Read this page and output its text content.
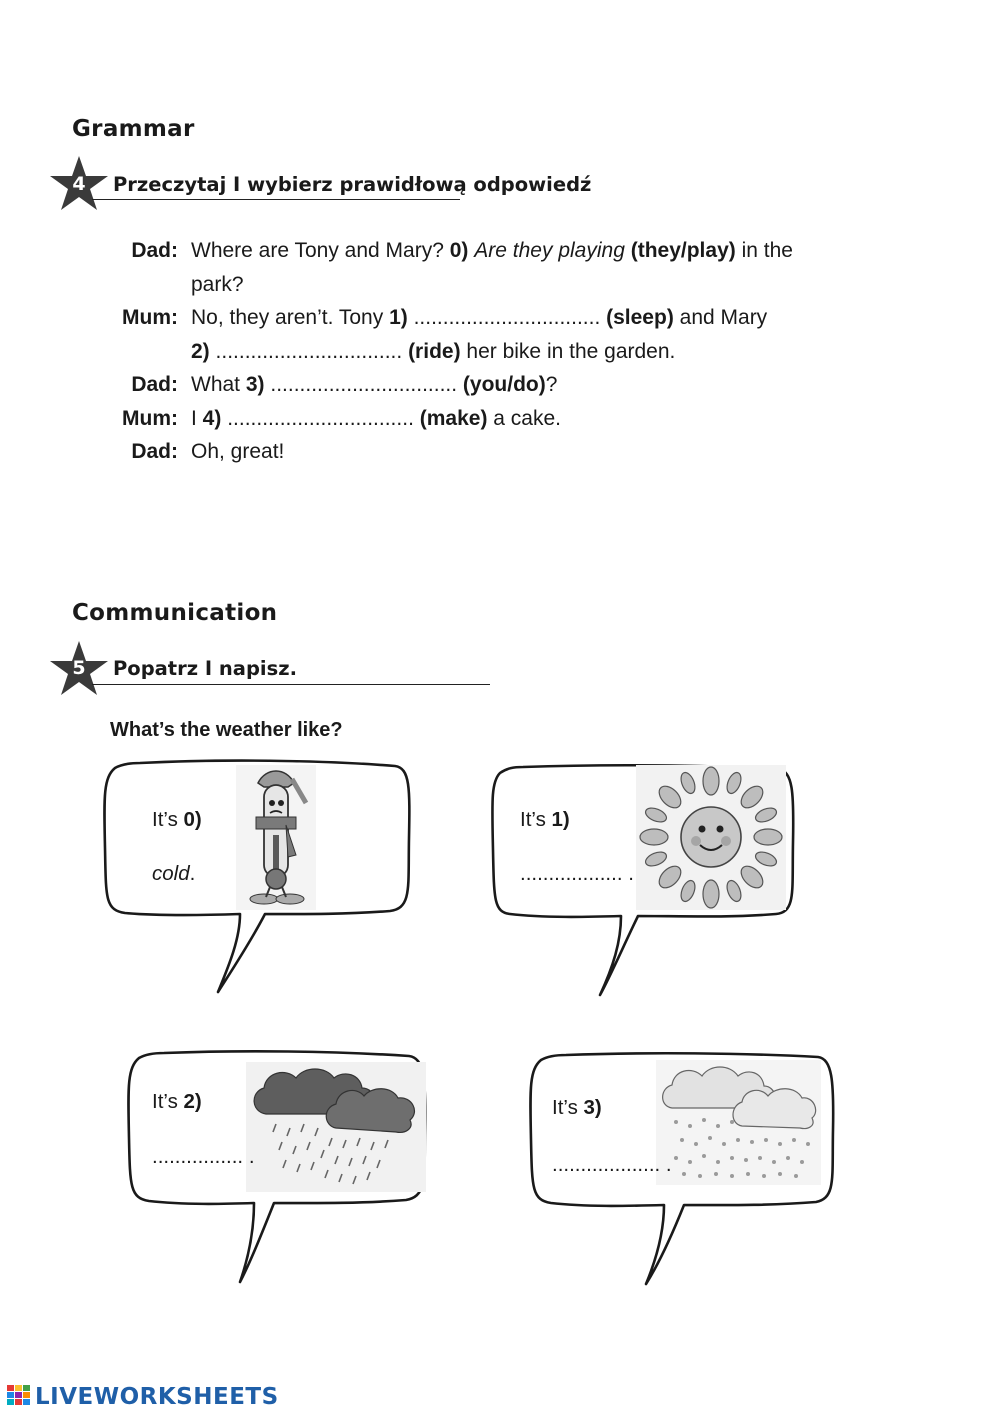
Grammar
4	Przeczytaj I wybierz prawidłową odpowiedź
Dad: Where are Tony and Mary? 0) Are they playing (they/play) in the
park?
Mum: No, they aren’t. Tony 1) ................................ (sleep) and Mary
2) ................................ (ride) her bike in the garden.
Dad: What 3) ................................ (you/do)?
Mum: I 4) ................................ (make) a cake.
Dad: Oh, great!
Communication
5	Popatrz I napisz.
What’s the weather like?
It’s 0)
cold.
It’s 1)
.................. .
It’s 2)
................ .
It’s 3)
................... .
LIVEWORKSHEETS
